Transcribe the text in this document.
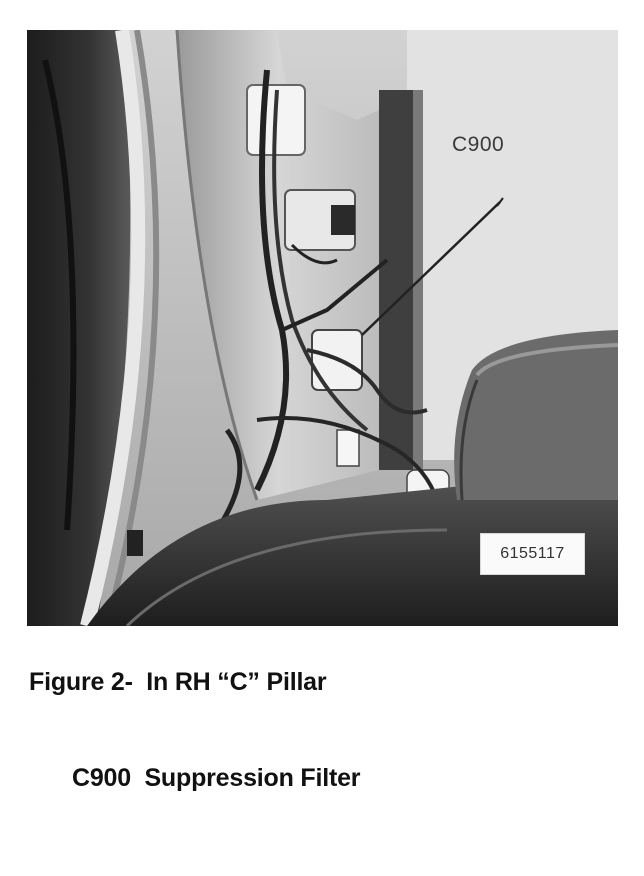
C900
6155117
Figure 2-  In RH “C” Pillar
C900  Suppression Filter
